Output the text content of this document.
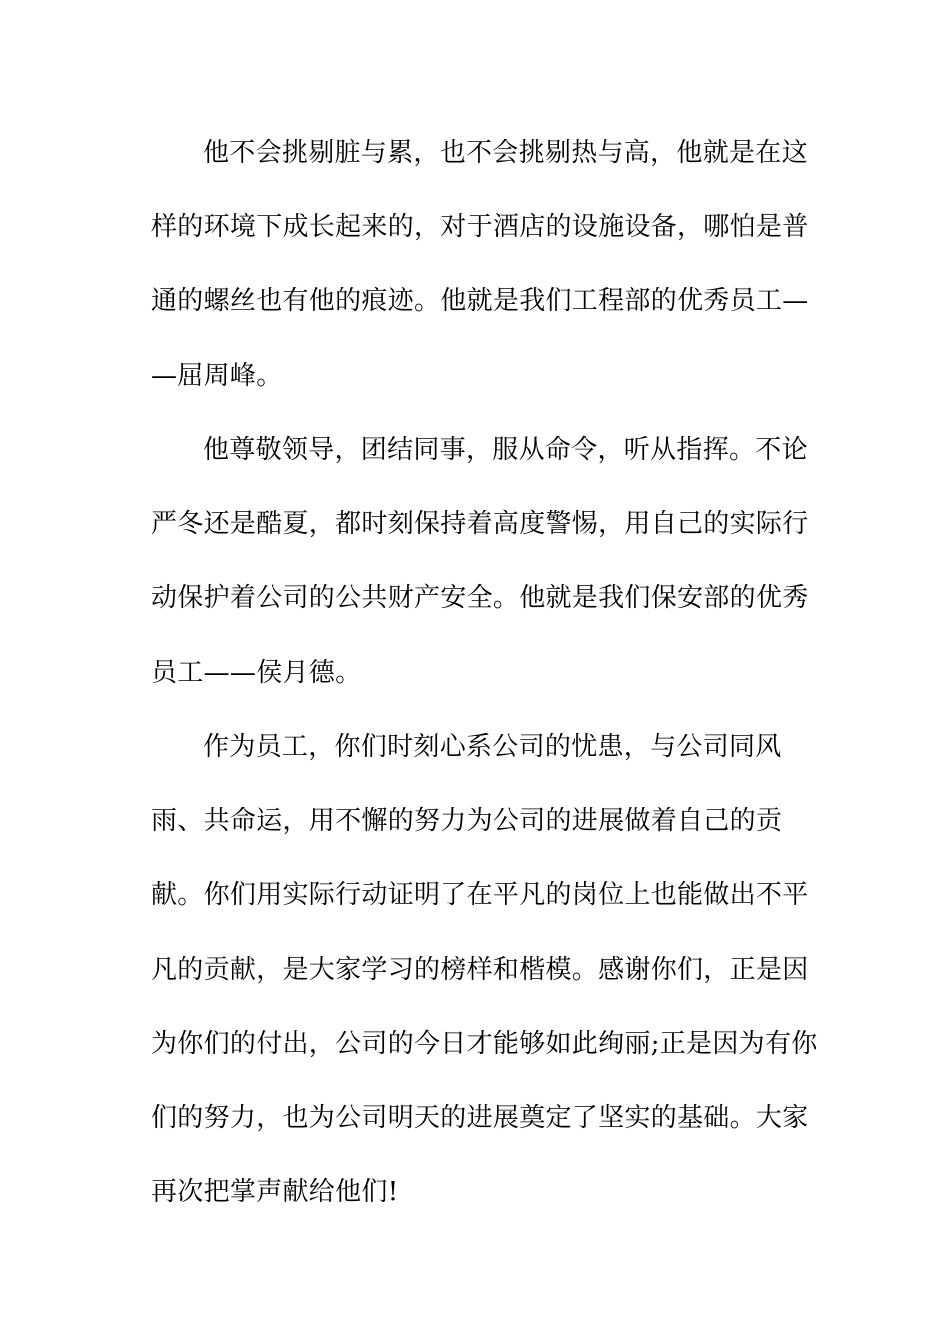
他不会挑剔脏与累，也不会挑剔热与高，他就是在这
样的环境下成长起来的，对于酒店的设施设备，哪怕是普
通的螺丝也有他的痕迹。他就是我们工程部的优秀员工—
—屈周峰。
他尊敬领导，团结同事，服从命令，听从指挥。不论
严冬还是酷夏，都时刻保持着高度警惕，用自己的实际行
动保护着公司的公共财产安全。他就是我们保安部的优秀
员工——侯月德。
作为员工，你们时刻心系公司的忧患，与公司同风
雨、共命运，用不懈的努力为公司的进展做着自己的贡
献。你们用实际行动证明了在平凡的岗位上也能做出不平
凡的贡献，是大家学习的榜样和楷模。感谢你们，正是因
为你们的付出，公司的今日才能够如此绚丽;正是因为有你
们的努力，也为公司明天的进展奠定了坚实的基础。大家
再次把掌声献给他们!
